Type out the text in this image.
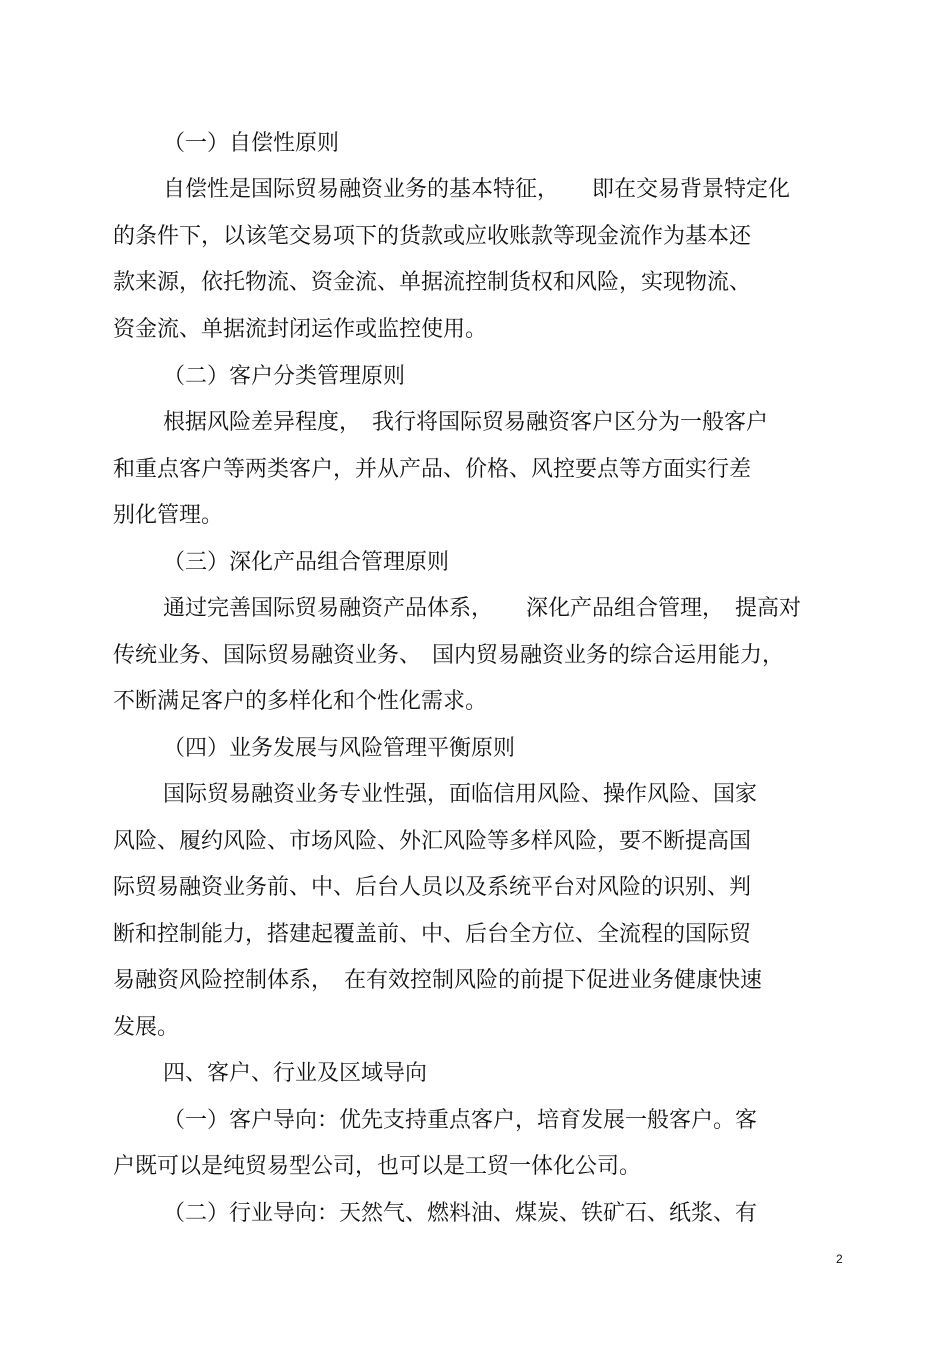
（一）自偿性原则

自偿性是国际贸易融资业务的基本特征，　　即在交易背景特定化

的条件下，以该笔交易项下的货款或应收账款等现金流作为基本还

款来源，依托物流、资金流、单据流控制货权和风险，实现物流、

资金流、单据流封闭运作或监控使用。

（二）客户分类管理原则

根据风险差异程度，　我行将国际贸易融资客户区分为一般客户

和重点客户等两类客户，并从产品、价格、风控要点等方面实行差

别化管理。

（三）深化产品组合管理原则

通过完善国际贸易融资产品体系，　　深化产品组合管理，　提高对

传统业务、国际贸易融资业务、　国内贸易融资业务的综合运用能力，

不断满足客户的多样化和个性化需求。

（四）业务发展与风险管理平衡原则

国际贸易融资业务专业性强，面临信用风险、操作风险、国家

风险、履约风险、市场风险、外汇风险等多样风险，要不断提高国

际贸易融资业务前、中、后台人员以及系统平台对风险的识别、判

断和控制能力，搭建起覆盖前、中、后台全方位、全流程的国际贸

易融资风险控制体系，　在有效控制风险的前提下促进业务健康快速

发展。

四、客户、行业及区域导向

（一）客户导向：优先支持重点客户，培育发展一般客户。客

户既可以是纯贸易型公司，也可以是工贸一体化公司。

（二）行业导向：天然气、燃料油、煤炭、铁矿石、纸浆、有

2
